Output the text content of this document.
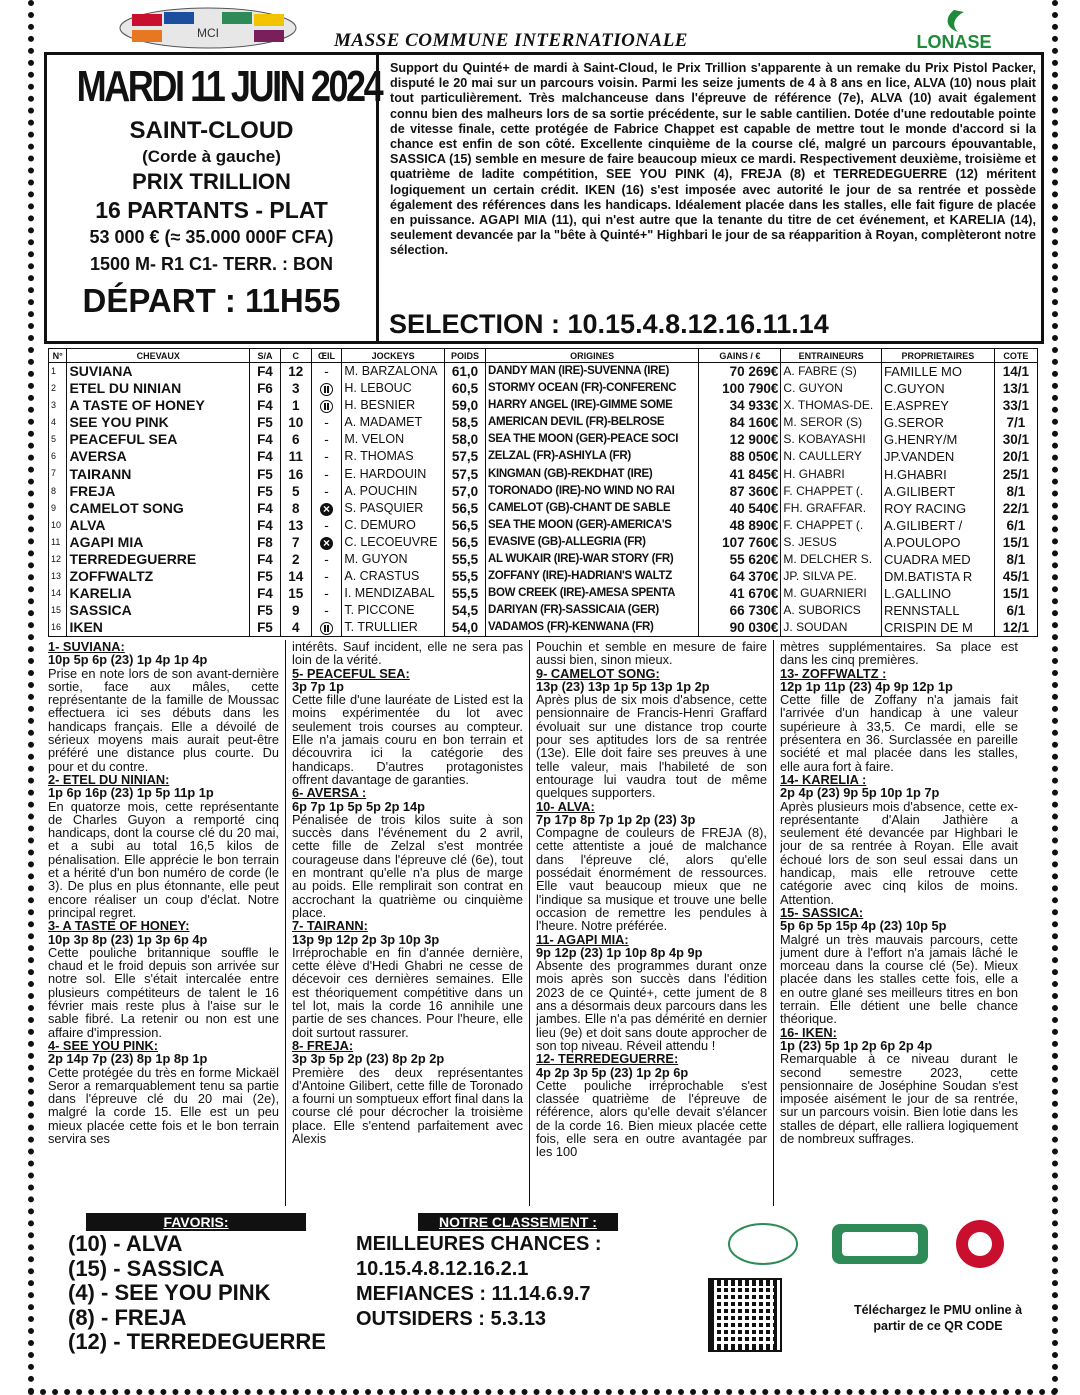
MCI	MASSE COMMUNE INTERNATIONALE	LONASE
MARDI 11 JUIN 2024
SAINT-CLOUD
(Corde à gauche)
PRIX TRILLION
16 PARTANTS - PLAT
53 000 € (≈ 35.000 000F CFA)
1500 M- R1 C1- TERR. : BON
DÉPART : 11H55
Support du Quinté+ de mardi à Saint-Cloud, le Prix Trillion s'apparente à un remake du Prix Pistol Packer, disputé le 20 mai sur un parcours voisin. Parmi les seize juments de 4 à 8 ans en lice, ALVA (10) nous plait tout particulièrement. Très malchanceuse dans l'épreuve de référence (7e), ALVA (10) avait également connu bien des malheurs lors de sa sortie précédente, sur le sable cantilien. Dotée d'une redoutable pointe de vitesse finale, cette protégée de Fabrice Chappet est capable de mettre tout le monde d'accord si la chance est enfin de son côté. Excellente cinquième de la course clé, malgré un parcours épouvantable, SASSICA (15) semble en mesure de faire beaucoup mieux ce mardi. Respectivement deuxième, troisième et quatrième de ladite compétition, SEE YOU PINK (4), FREJA (8) et TERREDEGUERRE (12) méritent logiquement un certain crédit. IKEN (16) s'est imposée avec autorité le jour de sa rentrée et possède également des références dans les handicaps. Idéalement placée dans les stalles, elle fait figure de placée en puissance. AGAPI MIA (11), qui n'est autre que la tenante du titre de cet événement, et KARELIA (14), seulement devancée par la "bête à Quinté+" Highbari le jour de sa réapparition à Royan, complèteront notre sélection.
SELECTION : 10.15.4.8.12.16.11.14
N°	CHEVAUX	S/A	C	ŒIL	JOCKEYS	POIDS	ORIGINES	GAINS / €	ENTRAINEURS	PROPRIETAIRES	COTE
1	SUVIANA	F4	12	-	M. BARZALONA	61,0	DANDY MAN (IRE)-SUVENNA (IRE)	70 269€	A. FABRE (S)	FAMILLE MO	14/1
2	ETEL DU NINIAN	F6	3		H. LEBOUC	60,5	STORMY OCEAN (FR)-CONFERENC	100 790€	C. GUYON	C.GUYON	13/1
3	A TASTE OF HONEY	F4	1		H. BESNIER	59,0	HARRY ANGEL (IRE)-GIMME SOME	34 933€	X. THOMAS-DE.	E.ASPREY	33/1
4	SEE YOU PINK	F5	10	-	A. MADAMET	58,5	AMERICAN DEVIL (FR)-BELROSE	84 160€	M. SEROR (S)	G.SEROR	7/1
5	PEACEFUL SEA	F4	6	-	M. VELON	58,0	SEA THE MOON (GER)-PEACE SOCI	12 900€	S. KOBAYASHI	G.HENRY/M	30/1
6	AVERSA	F4	11	-	R. THOMAS	57,5	ZELZAL (FR)-ASHIYLA (FR)	88 050€	N. CAULLERY	JP.VANDEN	20/1
7	TAIRANN	F5	16	-	E. HARDOUIN	57,5	KINGMAN (GB)-REKDHAT (IRE)	41 845€	H. GHABRI	H.GHABRI	25/1
8	FREJA	F5	5	-	A. POUCHIN	57,0	TORONADO (IRE)-NO WIND NO RAI	87 360€	F. CHAPPET (.	A.GILIBERT	8/1
9	CAMELOT SONG	F4	8	×	S. PASQUIER	56,5	CAMELOT (GB)-CHANT DE SABLE	40 540€	FH. GRAFFAR.	ROY RACING	22/1
10	ALVA	F4	13	-	C. DEMURO	56,5	SEA THE MOON (GER)-AMERICA'S	48 890€	F. CHAPPET (.	A.GILIBERT /	6/1
11	AGAPI MIA	F8	7	×	C. LECOEUVRE	56,5	EVASIVE (GB)-ALLEGRIA (FR)	107 760€	S. JESUS	A.POULOPO	15/1
12	TERREDEGUERRE	F4	2	-	M. GUYON	55,5	AL WUKAIR (IRE)-WAR STORY (FR)	55 620€	M. DELCHER S.	CUADRA MED	8/1
13	ZOFFWALTZ	F5	14	-	A. CRASTUS	55,5	ZOFFANY (IRE)-HADRIAN'S WALTZ	64 370€	JP. SILVA PE.	DM.BATISTA R	45/1
14	KARELIA	F4	15	-	I. MENDIZABAL	55,5	BOW CREEK (IRE)-AMESA SPENTA	41 670€	M. GUARNIERI	L.GALLINO	15/1
15	SASSICA	F5	9	-	T. PICCONE	54,5	DARIYAN (FR)-SASSICAIA (GER)	66 730€	A. SUBORICS	RENNSTALL	6/1
16	IKEN	F5	4		T. TRULLIER	54,0	VADAMOS (FR)-KENWANA (FR)	90 030€	J. SOUDAN	CRISPIN DE M	12/1
1- SUVIANA:
10p 5p 6p (23) 1p 4p 1p 4p
Prise en note lors de son avant-dernière sortie, face aux mâles, cette représentante de la famille de Moussac effectuera ici ses débuts dans les handicaps français. Elle a dévoilé de sérieux moyens mais aurait peut-être préféré une distance plus courte. Du pour et du contre.
2- ETEL DU NINIAN:
1p 6p 16p (23) 1p 5p 11p 1p
En quatorze mois, cette représentante de Charles Guyon a remporté cinq handicaps, dont la course clé du 20 mai, et a subi au total 16,5 kilos de pénalisation. Elle apprécie le bon terrain et a hérité d'un bon numéro de corde (le 3). De plus en plus étonnante, elle peut encore réaliser un coup d'éclat. Notre principal regret.
3- A TASTE OF HONEY:
10p 3p 8p (23) 1p 3p 6p 4p
Cette pouliche britannique souffle le chaud et le froid depuis son arrivée sur notre sol. Elle s'était intercalée entre plusieurs compétiteurs de talent le 16 février mais reste plus à l'aise sur le sable fibré. La retenir ou non est une affaire d'impression.
4- SEE YOU PINK:
2p 14p 7p (23) 8p 1p 8p 1p
Cette protégée du très en forme Mickaël Seror a remarquablement tenu sa partie dans l'épreuve clé du 20 mai (2e), malgré la corde 15. Elle est un peu mieux placée cette fois et le bon terrain servira ses
intérêts. Sauf incident, elle ne sera pas loin de la vérité.
5- PEACEFUL SEA:
3p 7p 1p
Cette fille d'une lauréate de Listed est la moins expérimentée du lot avec seulement trois courses au compteur. Elle n'a jamais couru en bon terrain et découvrira ici la catégorie des handicaps. D'autres protagonistes offrent davantage de garanties.
6- AVERSA :
6p 7p 1p 5p 5p 2p 14p
Pénalisée de trois kilos suite à son succès dans l'événement du 2 avril, cette fille de Zelzal s'est montrée courageuse dans l'épreuve clé (6e), tout en montrant qu'elle n'a plus de marge au poids. Elle remplirait son contrat en accrochant la quatrième ou cinquième place.
7- TAIRANN:
13p 9p 12p 2p 3p 10p 3p
Irréprochable en fin d'année dernière, cette élève d'Hedi Ghabri ne cesse de décevoir ces dernières semaines. Elle est théoriquement compétitive dans un tel lot, mais la corde 16 annihile une partie de ses chances. Pour l'heure, elle doit surtout rassurer.
8- FREJA:
3p 3p 5p 2p (23) 8p 2p 2p
Première des deux représentantes d'Antoine Gilibert, cette fille de Toronado a fourni un somptueux effort final dans la course clé pour décrocher la troisième place. Elle s'entend parfaitement avec Alexis
Pouchin et semble en mesure de faire aussi bien, sinon mieux.
9- CAMELOT SONG:
13p (23) 13p 1p 5p 13p 1p 2p
Après plus de six mois d'absence, cette pensionnaire de Francis-Henri Graffard évoluait sur une distance trop courte pour ses aptitudes lors de sa rentrée (13e). Elle doit faire ses preuves à une telle valeur, mais l'habileté de son entourage lui vaudra tout de même quelques supporters.
10- ALVA:
7p 17p 8p 7p 1p 2p (23) 3p
Compagne de couleurs de FREJA (8), cette attentiste a joué de malchance dans l'épreuve clé, alors qu'elle possédait énormément de ressources. Elle vaut beaucoup mieux que ne l'indique sa musique et trouve une belle occasion de remettre les pendules à l'heure. Notre préférée.
11- AGAPI MIA:
9p 12p (23) 1p 10p 8p 4p 9p
Absente des programmes durant onze mois après son succès dans l'édition 2023 de ce Quinté+, cette jument de 8 ans a désormais deux parcours dans les jambes. Elle n'a pas démérité en dernier lieu (9e) et doit sans doute approcher de son top niveau. Réveil attendu !
12- TERREDEGUERRE:
4p 2p 3p 5p (23) 1p 2p 6p
Cette pouliche irréprochable s'est classée quatrième de l'épreuve de référence, alors qu'elle devait s'élancer de la corde 16. Bien mieux placée cette fois, elle sera en outre avantagée par les 100
mètres supplémentaires. Sa place est dans les cinq premières.
13- ZOFFWALTZ :
12p 1p 11p (23) 4p 9p 12p 1p
Cette fille de Zoffany n'a jamais fait l'arrivée d'un handicap à une valeur supérieure à 33,5. Ce mardi, elle se présentera en 36. Surclassée en pareille société et mal placée dans les stalles, elle aura fort à faire.
14- KARELIA :
2p 4p (23) 9p 5p 10p 1p 7p
Après plusieurs mois d'absence, cette ex-représentante d'Alain Jathière a seulement été devancée par Highbari le jour de sa rentrée à Royan. Elle avait échoué lors de son seul essai dans un handicap, mais elle retrouve cette catégorie avec cinq kilos de moins. Attention.
15- SASSICA:
5p 6p 5p 15p 4p (23) 10p 5p
Malgré un très mauvais parcours, cette jument dure à l'effort n'a jamais lâché le morceau dans la course clé (5e). Mieux placée dans les stalles cette fois, elle a en outre glané ses meilleurs titres en bon terrain. Elle détient une belle chance théorique.
16- IKEN:
1p (23) 5p 1p 2p 6p 2p 4p
Remarquable à ce niveau durant le second semestre 2023, cette pensionnaire de Joséphine Soudan s'est imposée aisément le jour de sa rentrée, sur un parcours voisin. Bien lotie dans les stalles de départ, elle ralliera logiquement de nombreux suffrages.
FAVORIS:
(10) - ALVA
(15) - SASSICA
(4) - SEE YOU PINK
(8) - FREJA
(12) - TERREDEGUERRE
NOTRE CLASSEMENT :
MEILLEURES CHANCES :
10.15.4.8.12.16.2.1
MEFIANCES : 11.14.6.9.7
OUTSIDERS : 5.3.13	Téléchargez le PMU online à partir de ce QR CODE
